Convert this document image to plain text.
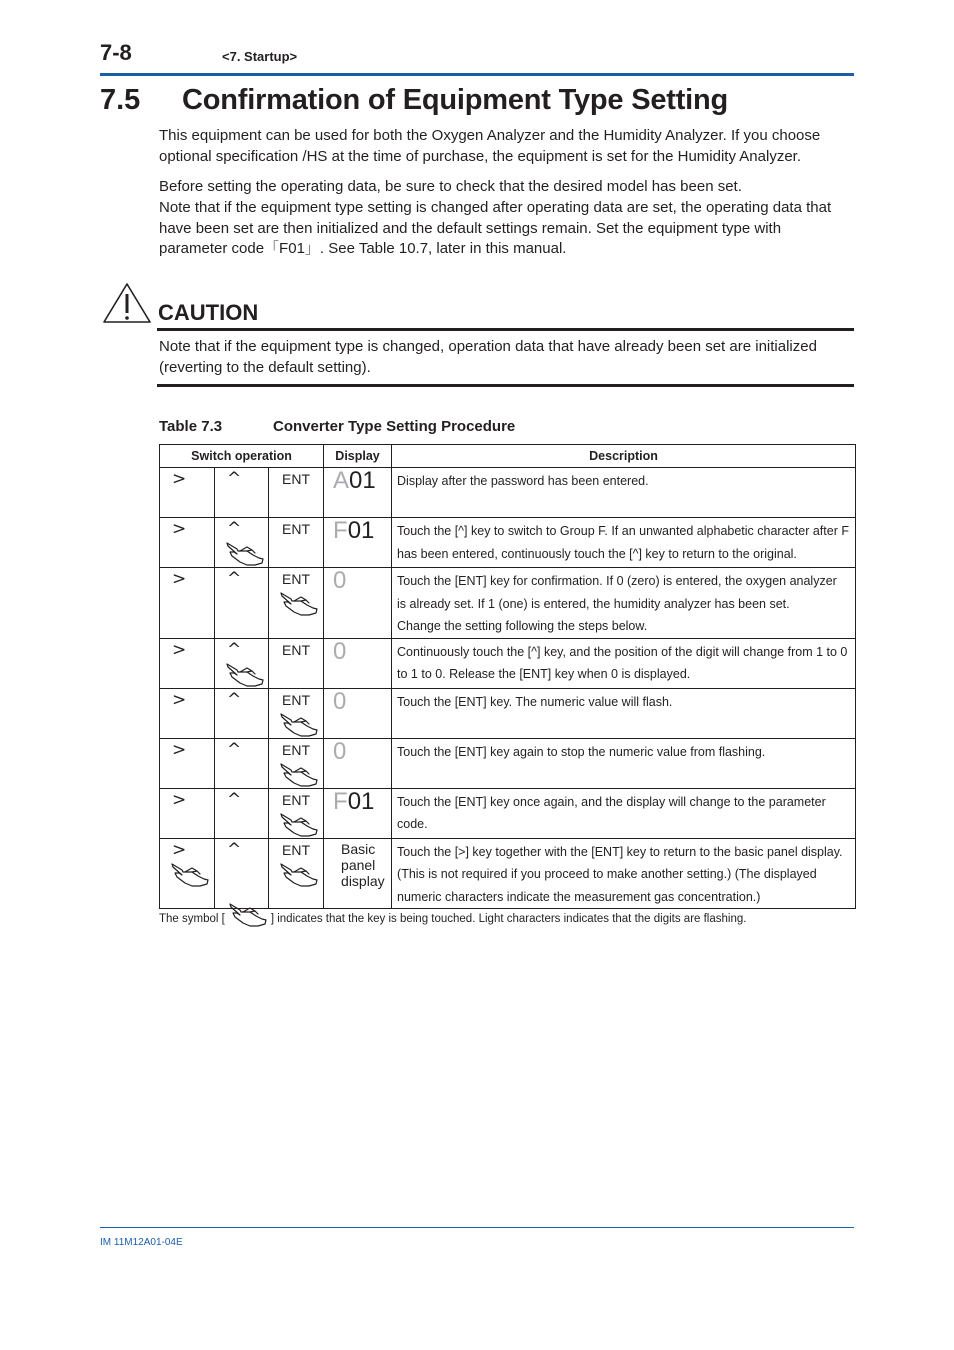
7-8	<7. Startup>
7.5 Confirmation of Equipment Type Setting
This equipment can be used for both the Oxygen Analyzer and the Humidity Analyzer. If you choose optional specification /HS at the time of purchase, the equipment is set for the Humidity Analyzer.
Before setting the operating data, be sure to check that the desired model has been set.
Note that if the equipment type setting is changed after operating data are set, the operating data that have been set are then initialized and the default settings remain. Set the equipment type with parameter code「F01」. See Table 10.7, later in this manual.
CAUTION
Note that if the equipment type is changed, operation data that have already been set are initialized (reverting to the default setting).
Table 7.3	Converter Type Setting Procedure
Switch operation			Display	Description

>	^	ENT	A01	Display after the password has been entered.

>	^	ENT	F01	Touch the [^] key to switch to Group F. If an unwanted alphabetic character after F
has been entered, continuously touch the [^] key to return to the original.

>	^	ENT	0	Touch the [ENT] key for confirmation. If 0 (zero) is entered, the oxygen analyzer
is already set. If 1 (one) is entered, the humidity analyzer has been set.
Change the setting following the steps below.

>	^	ENT	0	Continuously touch the [^] key, and the position of the digit will change from 1 to 0
to 1 to 0. Release the [ENT] key when 0 is displayed.

>	^	ENT	0	Touch the [ENT] key. The numeric value will flash.

>	^	ENT	0	Touch the [ENT] key again to stop the numeric value from flashing.

>	^	ENT	F01	Touch the [ENT] key once again, and the display will change to the parameter
code.

>	^	ENT	Basic panel display	Touch the [>] key together with the [ENT] key to return to the basic panel display.
(This is not required if you proceed to make another setting.) (The displayed
numeric characters indicate the measurement gas concentration.)
The symbol [	] indicates that the key is being touched. Light characters indicates that the digits are flashing.
IM 11M12A01-04E
